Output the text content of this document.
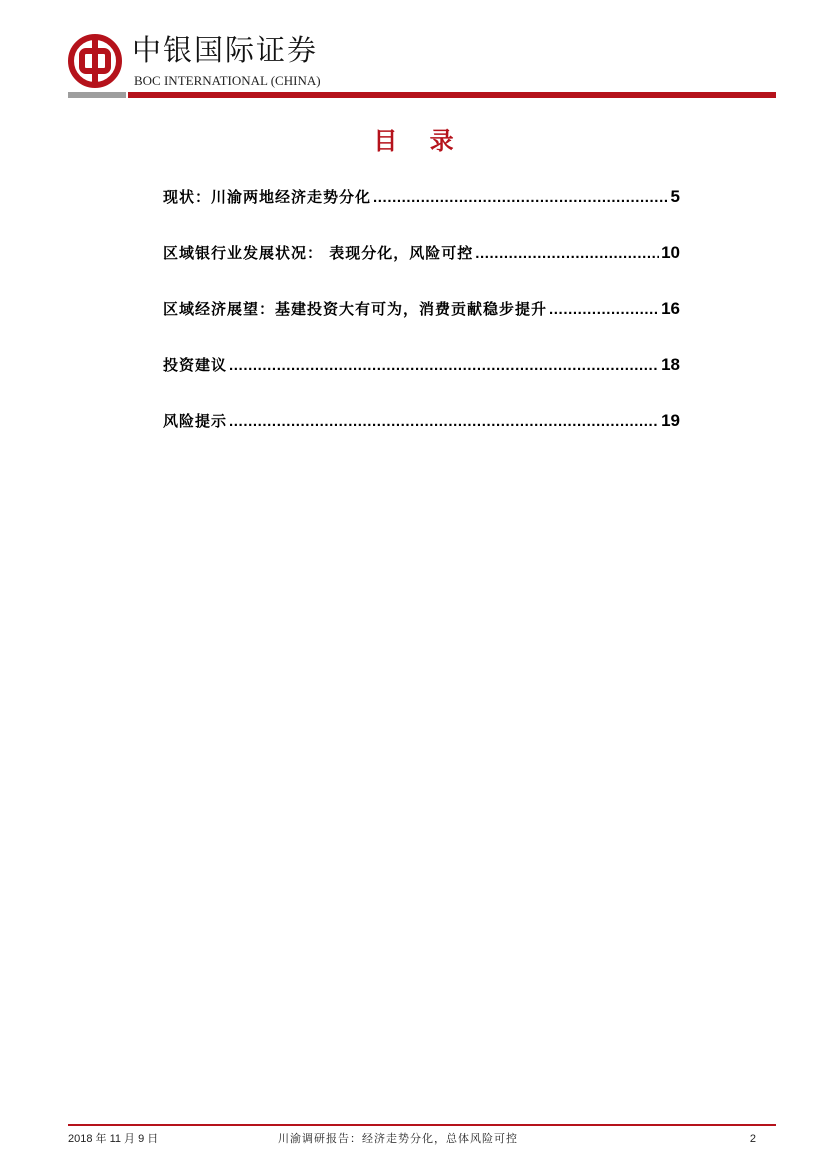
中银国际证券
BOC INTERNATIONAL (CHINA)
目 录
现状：川渝两地经济走势分化 .....	5
区域银行业发展状况： 表现分化，风险可控 .....	10
区域经济展望：基建投资大有可为，消费贡献稳步提升 .....	16
投资建议 .....	18
风险提示 .....	19
2018 年 11 月 9 日	川渝调研报告：经济走势分化，总体风险可控	2
